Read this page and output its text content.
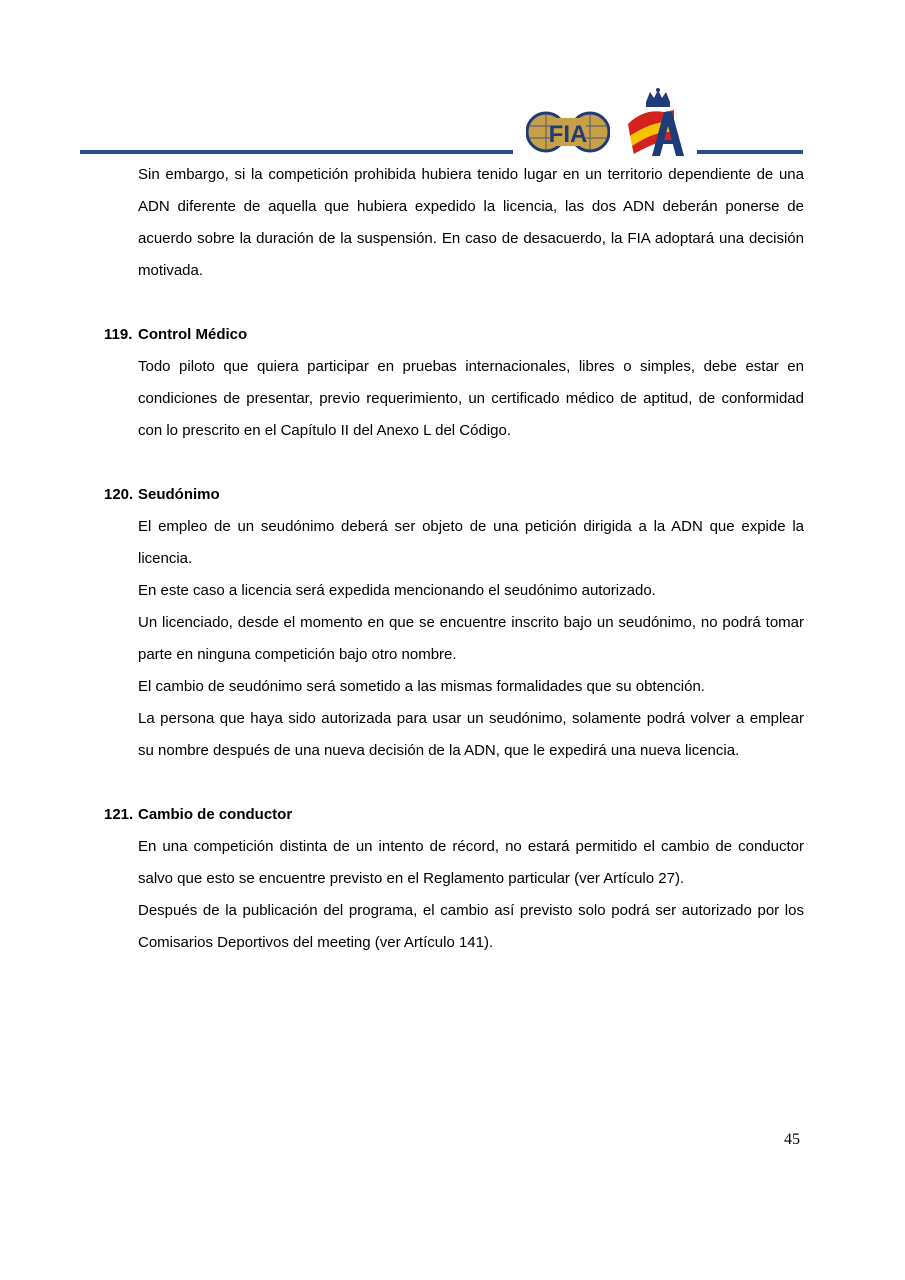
FIA

Sin embargo, si la competición prohibida hubiera tenido lugar en un territorio dependiente de una ADN diferente de aquella que hubiera expedido la licencia, las dos ADN deberán ponerse de acuerdo sobre la duración de la suspensión. En caso de desacuerdo, la FIA adoptará una decisión motivada.

119. Control Médico

Todo piloto que quiera participar en pruebas internacionales, libres o simples, debe estar en condiciones de presentar, previo requerimiento, un certificado médico de aptitud, de conformidad con lo prescrito en el Capítulo II del Anexo L del Código.

120. Seudónimo

El empleo de un seudónimo deberá ser objeto de una petición dirigida a la ADN que expide la licencia.

En este caso a licencia será expedida mencionando el seudónimo autorizado.

Un licenciado, desde el momento en que se encuentre inscrito bajo un seudónimo, no podrá tomar parte en ninguna competición bajo otro nombre.

El cambio de seudónimo será sometido a las mismas formalidades que su obtención.

La persona que haya sido autorizada para usar un seudónimo, solamente podrá volver a emplear su nombre después de una nueva decisión de la ADN, que le expedirá una nueva licencia.

121. Cambio de conductor

En una competición distinta de un intento de récord, no estará permitido el cambio de conductor salvo que esto se encuentre previsto en el Reglamento particular (ver Artículo 27).

Después de la publicación del programa, el cambio así previsto solo podrá ser autorizado por los Comisarios Deportivos del meeting (ver Artículo 141).

45
